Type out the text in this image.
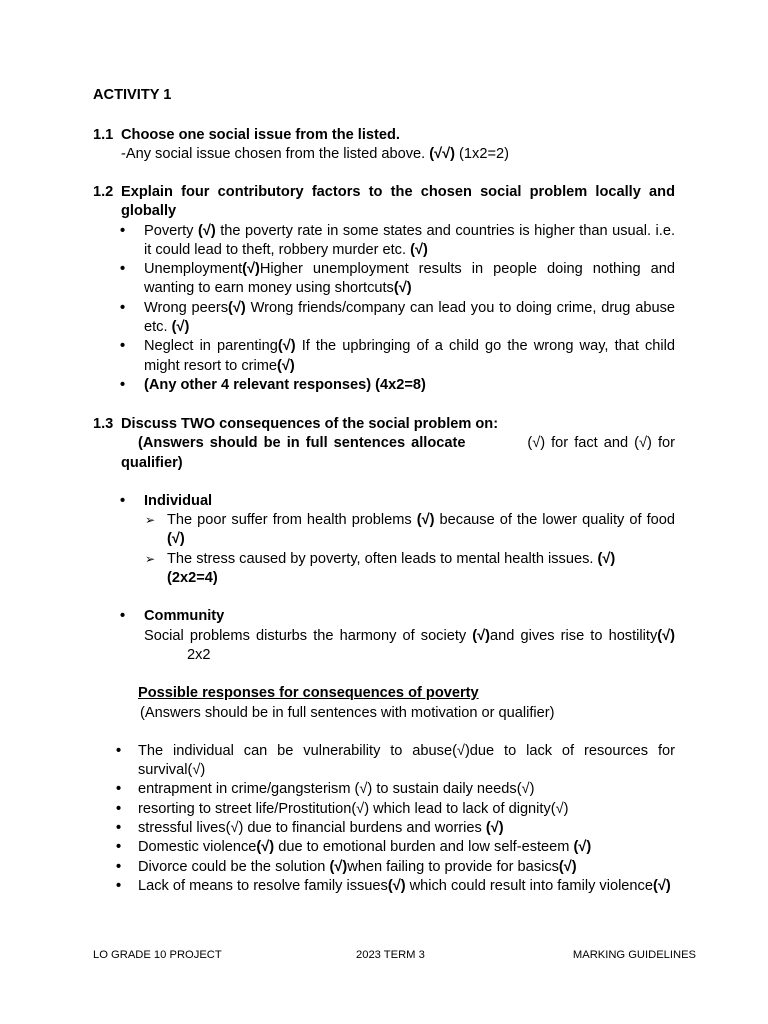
ACTIVITY 1
1.1 Choose one social issue from the listed.
-Any social issue chosen from the listed above. (√√) (1x2=2)
1.2 Explain four contributory factors to the chosen social problem locally and globally
• Poverty (√) the poverty rate in some states and countries is higher than usual. i.e. it could lead to theft, robbery murder etc. (√)
• Unemployment(√)Higher unemployment results in people doing nothing and wanting to earn money using shortcuts(√)
• Wrong peers(√) Wrong friends/company can lead you to doing crime, drug abuse etc. (√)
• Neglect in parenting(√) If the upbringing of a child go the wrong way, that child might resort to crime(√)
• (Any other 4 relevant responses) (4x2=8)
1.3 Discuss TWO consequences of the social problem on:
(Answers should be in full sentences allocate	(√) for fact and (√) for
qualifier)
• Individual
➢ The poor suffer from health problems (√) because of the lower quality of food (√)
➢ The stress caused by poverty, often leads to mental health issues. (√)
(2x2=4)
• Community
Social problems disturbs the harmony of society (√)and gives rise to hostility(√)2x2
Possible responses for consequences of poverty
(Answers should be in full sentences with motivation or qualifier)
• The individual can be vulnerability to abuse(√)due to lack of resources for survival(√)
• entrapment in crime/gangsterism (√) to sustain daily needs(√)
• resorting to street life/Prostitution(√) which lead to lack of dignity(√)
• stressful lives(√) due to financial burdens and worries (√)
• Domestic violence(√) due to emotional burden and low self-esteem (√)
• Divorce could be the solution (√)when failing to provide for basics(√)
• Lack of means to resolve family issues(√) which could result into family violence(√)
LO GRADE 10 PROJECT	2023 TERM 3	MARKING GUIDELINES
